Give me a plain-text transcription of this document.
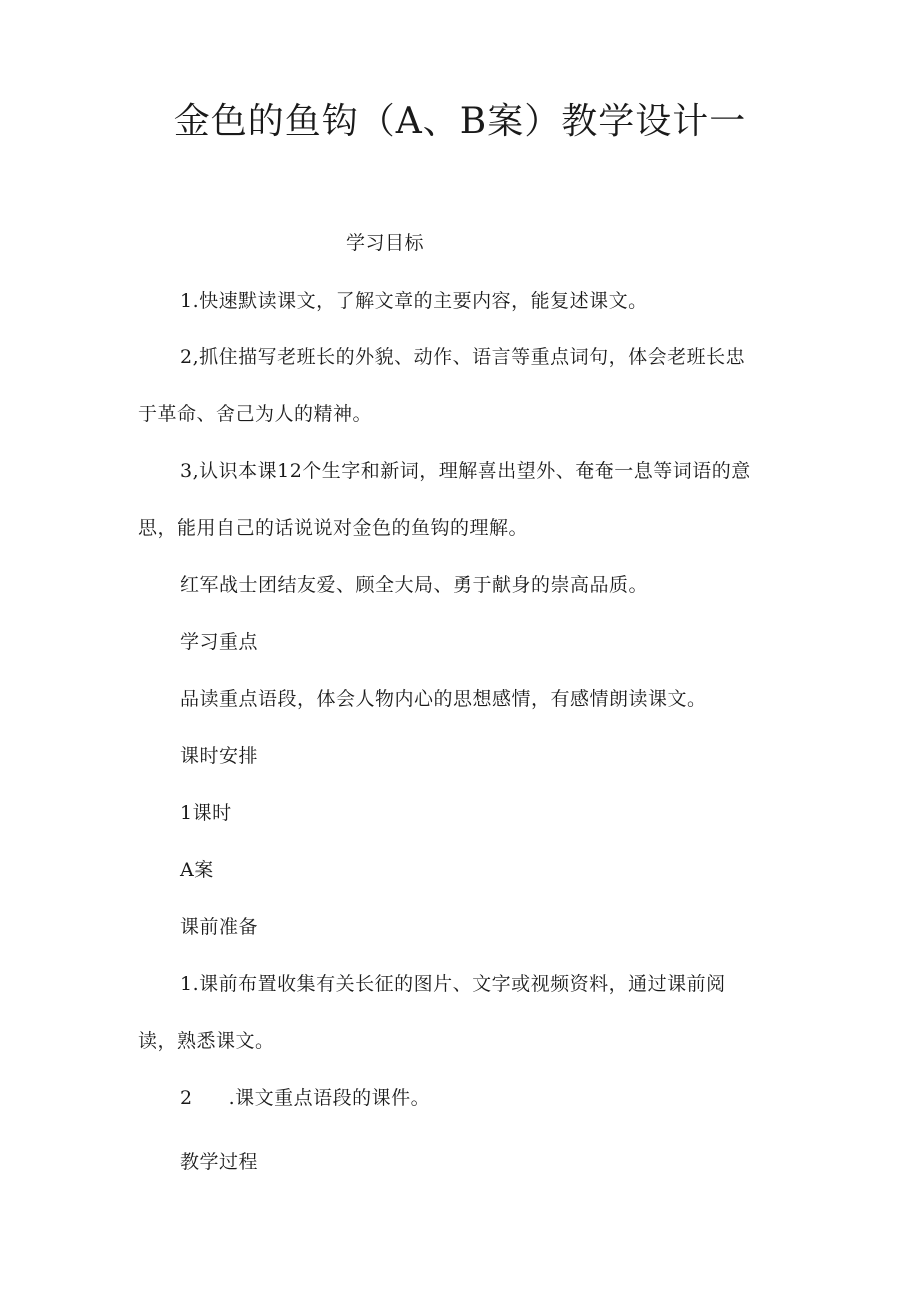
金色的鱼钩（A、B案）教学设计一
学习目标
1.快速默读课文，了解文章的主要内容，能复述课文。
2,抓住描写老班长的外貌、动作、语言等重点词句，体会老班长忠
于革命、舍己为人的精神。
3,认识本课12个生字和新词，理解喜出望外、奄奄一息等词语的意
思，能用自己的话说说对金色的鱼钩的理解。
红军战士团结友爱、顾全大局、勇于献身的崇高品质。
学习重点
品读重点语段，体会人物内心的思想感情，有感情朗读课文。
课时安排
1课时
A案
课前准备
1.课前布置收集有关长征的图片、文字或视频资料，通过课前阅
读，熟悉课文。
2 .课文重点语段的课件。
教学过程
